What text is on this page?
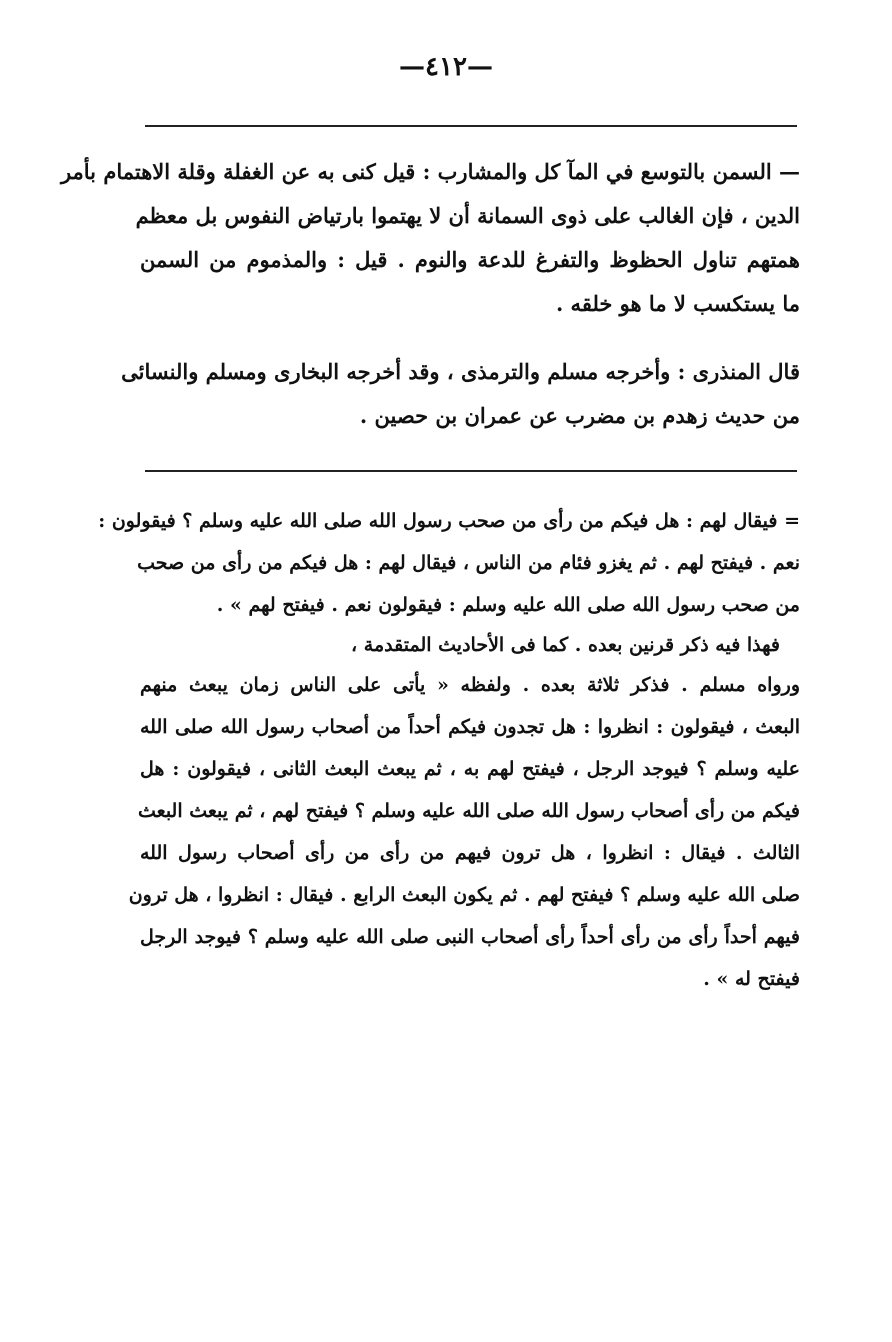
—٤١٢—
— السمن بالتوسع في المآ كل والمشارب : قيل كنى به عن الغفلة وقلة الاهتمام بأمر
الدين ، فإن الغالب على ذوى السمانة أن لا يهتموا بارتياض النفوس بل معظم
همتهم تناول الحظوظ والتفرغ للدعة والنوم . قيل : والمذموم من السمن
ما يستكسب لا ما هو خلقه .
قال المنذرى : وأخرجه مسلم والترمذى ، وقد أخرجه البخارى ومسلم والنسائى
من حديث زهدم بن مضرب عن عمران بن حصين .
= فيقال لهم : هل فيكم من رأى من صحب رسول الله صلى الله عليه وسلم ؟ فيقولون :
نعم . فيفتح لهم . ثم يغزو فئام من الناس ، فيقال لهم : هل فيكم من رأى من صحب
من صحب رسول الله صلى الله عليه وسلم : فيقولون نعم . فيفتح لهم » .
فهذا فيه ذكر قرنين بعده . كما فى الأحاديث المتقدمة ،
ورواه مسلم . فذكر ثلاثة بعده . ولفظه « يأتى على الناس زمان يبعث منهم
البعث ، فيقولون : انظروا : هل تجدون فيكم أحداً من أصحاب رسول الله صلى الله
عليه وسلم ؟ فيوجد الرجل ، فيفتح لهم به ، ثم يبعث البعث الثانى ، فيقولون : هل
فيكم من رأى أصحاب رسول الله صلى الله عليه وسلم ؟ فيفتح لهم ، ثم يبعث البعث
الثالث . فيقال : انظروا ، هل ترون فيهم من رأى من رأى أصحاب رسول الله
صلى الله عليه وسلم ؟ فيفتح لهم . ثم يكون البعث الرابع . فيقال : انظروا ، هل ترون
فيهم أحداً رأى من رأى أحداً رأى أصحاب النبى صلى الله عليه وسلم ؟ فيوجد الرجل
فيفتح له » .
